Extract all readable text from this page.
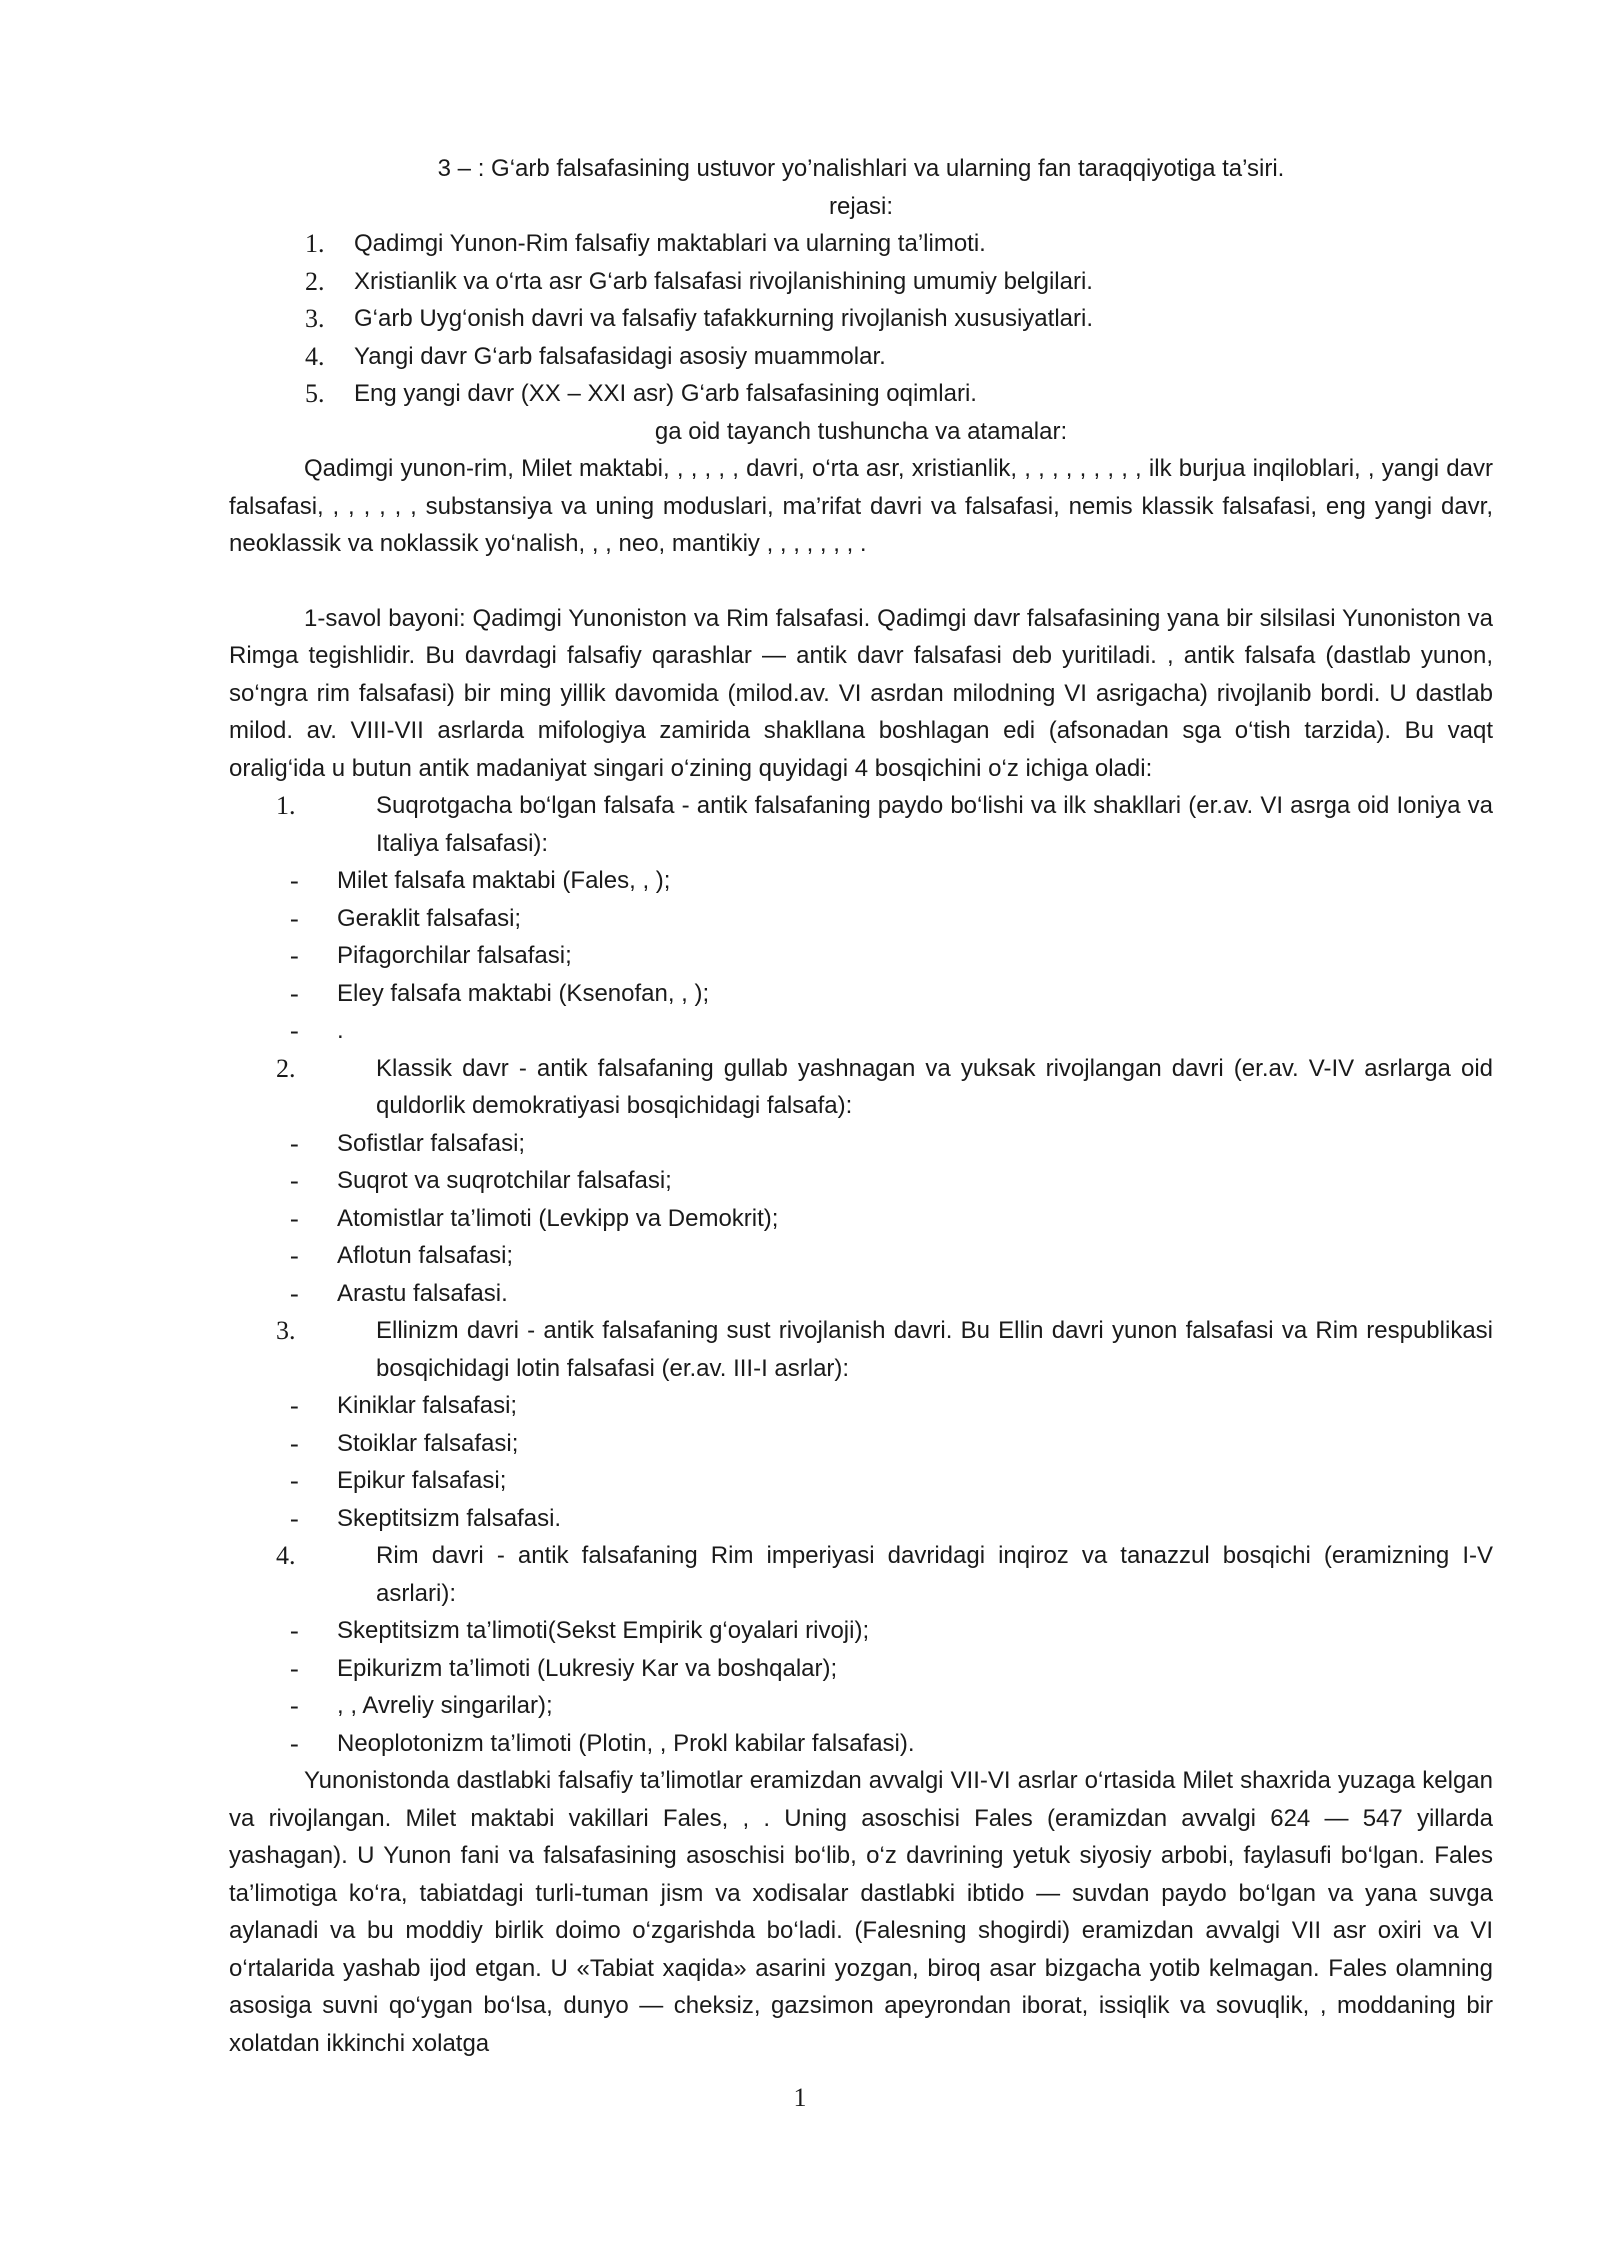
3 – : G‘arb falsafasining ustuvor yo’nalishlari va ularning fan taraqqiyotiga ta’siri.

rejasi:

1. Qadimgi Yunon-Rim falsafiy maktablari va ularning ta’limoti.
2. Xristianlik va o‘rta asr G‘arb falsafasi rivojlanishining umumiy belgilari.
3. G‘arb Uyg‘onish davri va falsafiy tafakkurning rivojlanish xususiyatlari.
4. Yangi davr G‘arb falsafasidagi asosiy muammolar.
5. Eng yangi davr (XX – XXI asr) G‘arb falsafasining oqimlari.

ga oid tayanch tushuncha va atamalar:

Qadimgi yunon-rim, Milet maktabi, , , , , , davri, o‘rta asr, xristianlik, , , , , , , , , , ilk burjua inqiloblari, , yangi davr falsafasi, , , , , , , substansiya va uning moduslari, ma’rifat davri va falsafasi, nemis klassik falsafasi, eng yangi davr, neoklassik va noklassik yo‘nalish, , , neo, mantikiy , , , , , , , .

1-savol bayoni: Qadimgi Yunoniston va Rim falsafasi. Qadimgi davr falsafasining yana bir silsilasi Yunoniston va Rimga tegishlidir. Bu davrdagi falsafiy qarashlar — antik davr falsafasi deb yuritiladi. , antik falsafa (dastlab yunon, so‘ngra rim falsafasi) bir ming yillik davomida (milod.av. VI asrdan milodning VI asrigacha) rivojlanib bordi. U dastlab milod. av. VIII-VII asrlarda mifologiya zamirida shakllana boshlagan edi (afsonadan sga o‘tish tarzida). Bu vaqt oralig‘ida u butun antik madaniyat singari o‘zining quyidagi 4 bosqichini o‘z ichiga oladi:

1.	Suqrotgacha bo‘lgan falsafa - antik falsafaning paydo bo‘lishi va ilk shakllari (er.av. VI asrga oid Ioniya va Italiya falsafasi):

- Milet falsafa maktabi (Fales, , );
- Geraklit falsafasi;
- Pifagorchilar falsafasi;
- Eley falsafa maktabi (Ksenofan, , );
- .

2.	Klassik davr - antik falsafaning gullab yashnagan va yuksak rivojlangan davri (er.av. V-IV asrlarga oid quldorlik demokratiyasi bosqichidagi falsafa):

- Sofistlar falsafasi;
- Suqrot va suqrotchilar falsafasi;
- Atomistlar ta’limoti (Levkipp va Demokrit);
- Aflotun falsafasi;
- Arastu falsafasi.

3.	Ellinizm davri - antik falsafaning sust rivojlanish davri. Bu Ellin davri yunon falsafasi va Rim respublikasi bosqichidagi lotin falsafasi (er.av. III-I asrlar):

- Kiniklar falsafasi;
- Stoiklar falsafasi;
- Epikur falsafasi;
- Skeptitsizm falsafasi.

4.	Rim davri - antik falsafaning Rim imperiyasi davridagi inqiroz va tanazzul bosqichi (eramizning I-V asrlari):

- Skeptitsizm ta’limoti(Sekst Empirik g‘oyalari rivoji);
- Epikurizm ta’limoti (Lukresiy Kar va boshqalar);
- , , Avreliy singarilar);
- Neoplotonizm ta’limoti (Plotin, , Prokl kabilar falsafasi).

Yunonistonda dastlabki falsafiy ta’limotlar eramizdan avvalgi VII-VI asrlar o‘rtasida Milet shaxrida yuzaga kelgan va rivojlangan. Milet maktabi vakillari Fales, , . Uning asoschisi Fales (eramizdan avvalgi 624 — 547 yillarda yashagan). U Yunon fani va falsafasining asoschisi bo‘lib, o‘z davrining yetuk siyosiy arbobi, faylasufi bo‘lgan. Fales ta’limotiga ko‘ra, tabiatdagi turli-tuman jism va xodisalar dastlabki ibtido — suvdan paydo bo‘lgan va yana suvga aylanadi va bu moddiy birlik doimo o‘zgarishda bo‘ladi. (Falesning shogirdi) eramizdan avvalgi VII asr oxiri va VI o‘rtalarida yashab ijod etgan. U «Tabiat xaqida» asarini yozgan, biroq asar bizgacha yotib kelmagan. Fales olamning asosiga suvni qo‘ygan bo‘lsa, dunyo — cheksiz, gazsimon apeyrondan iborat, issiqlik va sovuqlik, , moddaning bir xolatdan ikkinchi xolatga

1
